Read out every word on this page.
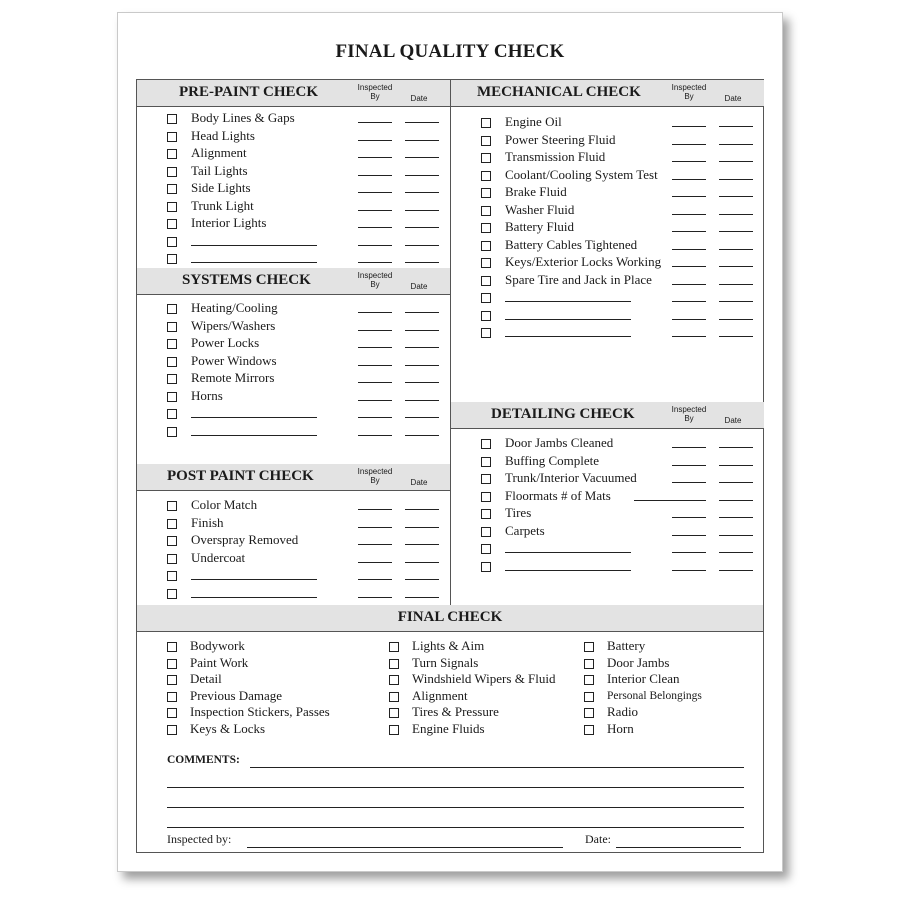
FINAL QUALITY CHECK
PRE-PAINT CHECK	Inspected
By	Date
Body Lines & Gaps
Head Lights
Alignment
Tail Lights
Side Lights
Trunk Light
Interior Lights
SYSTEMS CHECK	Inspected
By	Date
Heating/Cooling
Wipers/Washers
Power Locks
Power Windows
Remote Mirrors
Horns
POST PAINT CHECK	Inspected
By	Date
Color Match
Finish
Overspray Removed
Undercoat
MECHANICAL CHECK	Inspected
By	Date
Engine Oil
Power Steering Fluid
Transmission Fluid
Coolant/Cooling System Test
Brake Fluid
Washer Fluid
Battery Fluid
Battery Cables Tightened
Keys/Exterior Locks Working
Spare Tire and Jack in Place
DETAILING CHECK	Inspected
By	Date
Door Jambs Cleaned
Buffing Complete
Trunk/Interior Vacuumed
Floormats # of Mats
Tires
Carpets
FINAL CHECK
COMMENTS:
Inspected by:	Date:
Bodywork
Paint Work
Detail
Previous Damage
Inspection Stickers, Passes
Keys & Locks
Lights & Aim
Turn Signals
Windshield Wipers & Fluid
Alignment
Tires & Pressure
Engine Fluids
Battery
Door Jambs
Interior Clean
Personal Belongings
Radio
Horn
